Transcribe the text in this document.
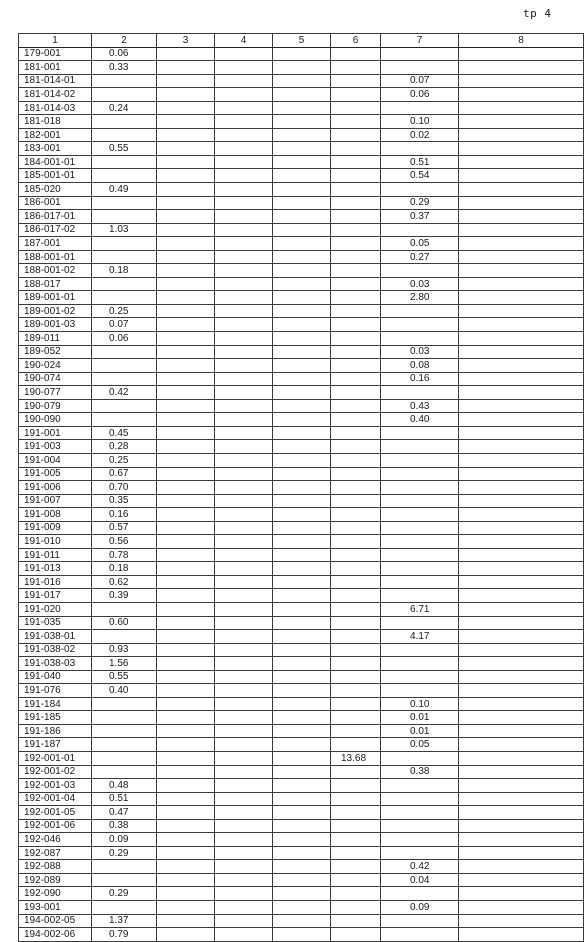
tp 4
1	2	3	4	5	6	7	8
179-001	0.06						
181-001	0.33						
181-014-01						0.07	
181-014-02						0.06	
181-014-03	0.24						
181-018						0.10	
182-001						0.02	
183-001	0.55						
184-001-01						0.51	
185-001-01						0.54	
185-020	0.49						
186-001						0.29	
186-017-01						0.37	
186-017-02	1.03						
187-001						0.05	
188-001-01						0.27	
188-001-02	0.18						
188-017						0.03	
189-001-01						2.80	
189-001-02	0.25						
189-001-03	0.07						
189-011	0.06						
189-052						0.03	
190-024						0.08	
190-074						0.16	
190-077	0.42						
190-079						0.43	
190-090						0.40	
191-001	0.45						
191-003	0.28						
191-004	0.25						
191-005	0.67						
191-006	0.70						
191-007	0.35						
191-008	0.16						
191-009	0.57						
191-010	0.56						
191-011	0.78						
191-013	0.18						
191-016	0.62						
191-017	0.39						
191-020						6.71	
191-035	0.60						
191-038-01						4.17	
191-038-02	0.93						
191-038-03	1.56						
191-040	0.55						
191-076	0.40						
191-184						0.10	
191-185						0.01	
191-186						0.01	
191-187						0.05	
192-001-01					13.68		
192-001-02						0.38	
192-001-03	0.48						
192-001-04	0.51						
192-001-05	0.47						
192-001-06	0.38						
192-046	0.09						
192-087	0.29						
192-088						0.42	
192-089						0.04	
192-090	0.29						
193-001						0.09	
194-002-05	1.37						
194-002-06	0.79						
